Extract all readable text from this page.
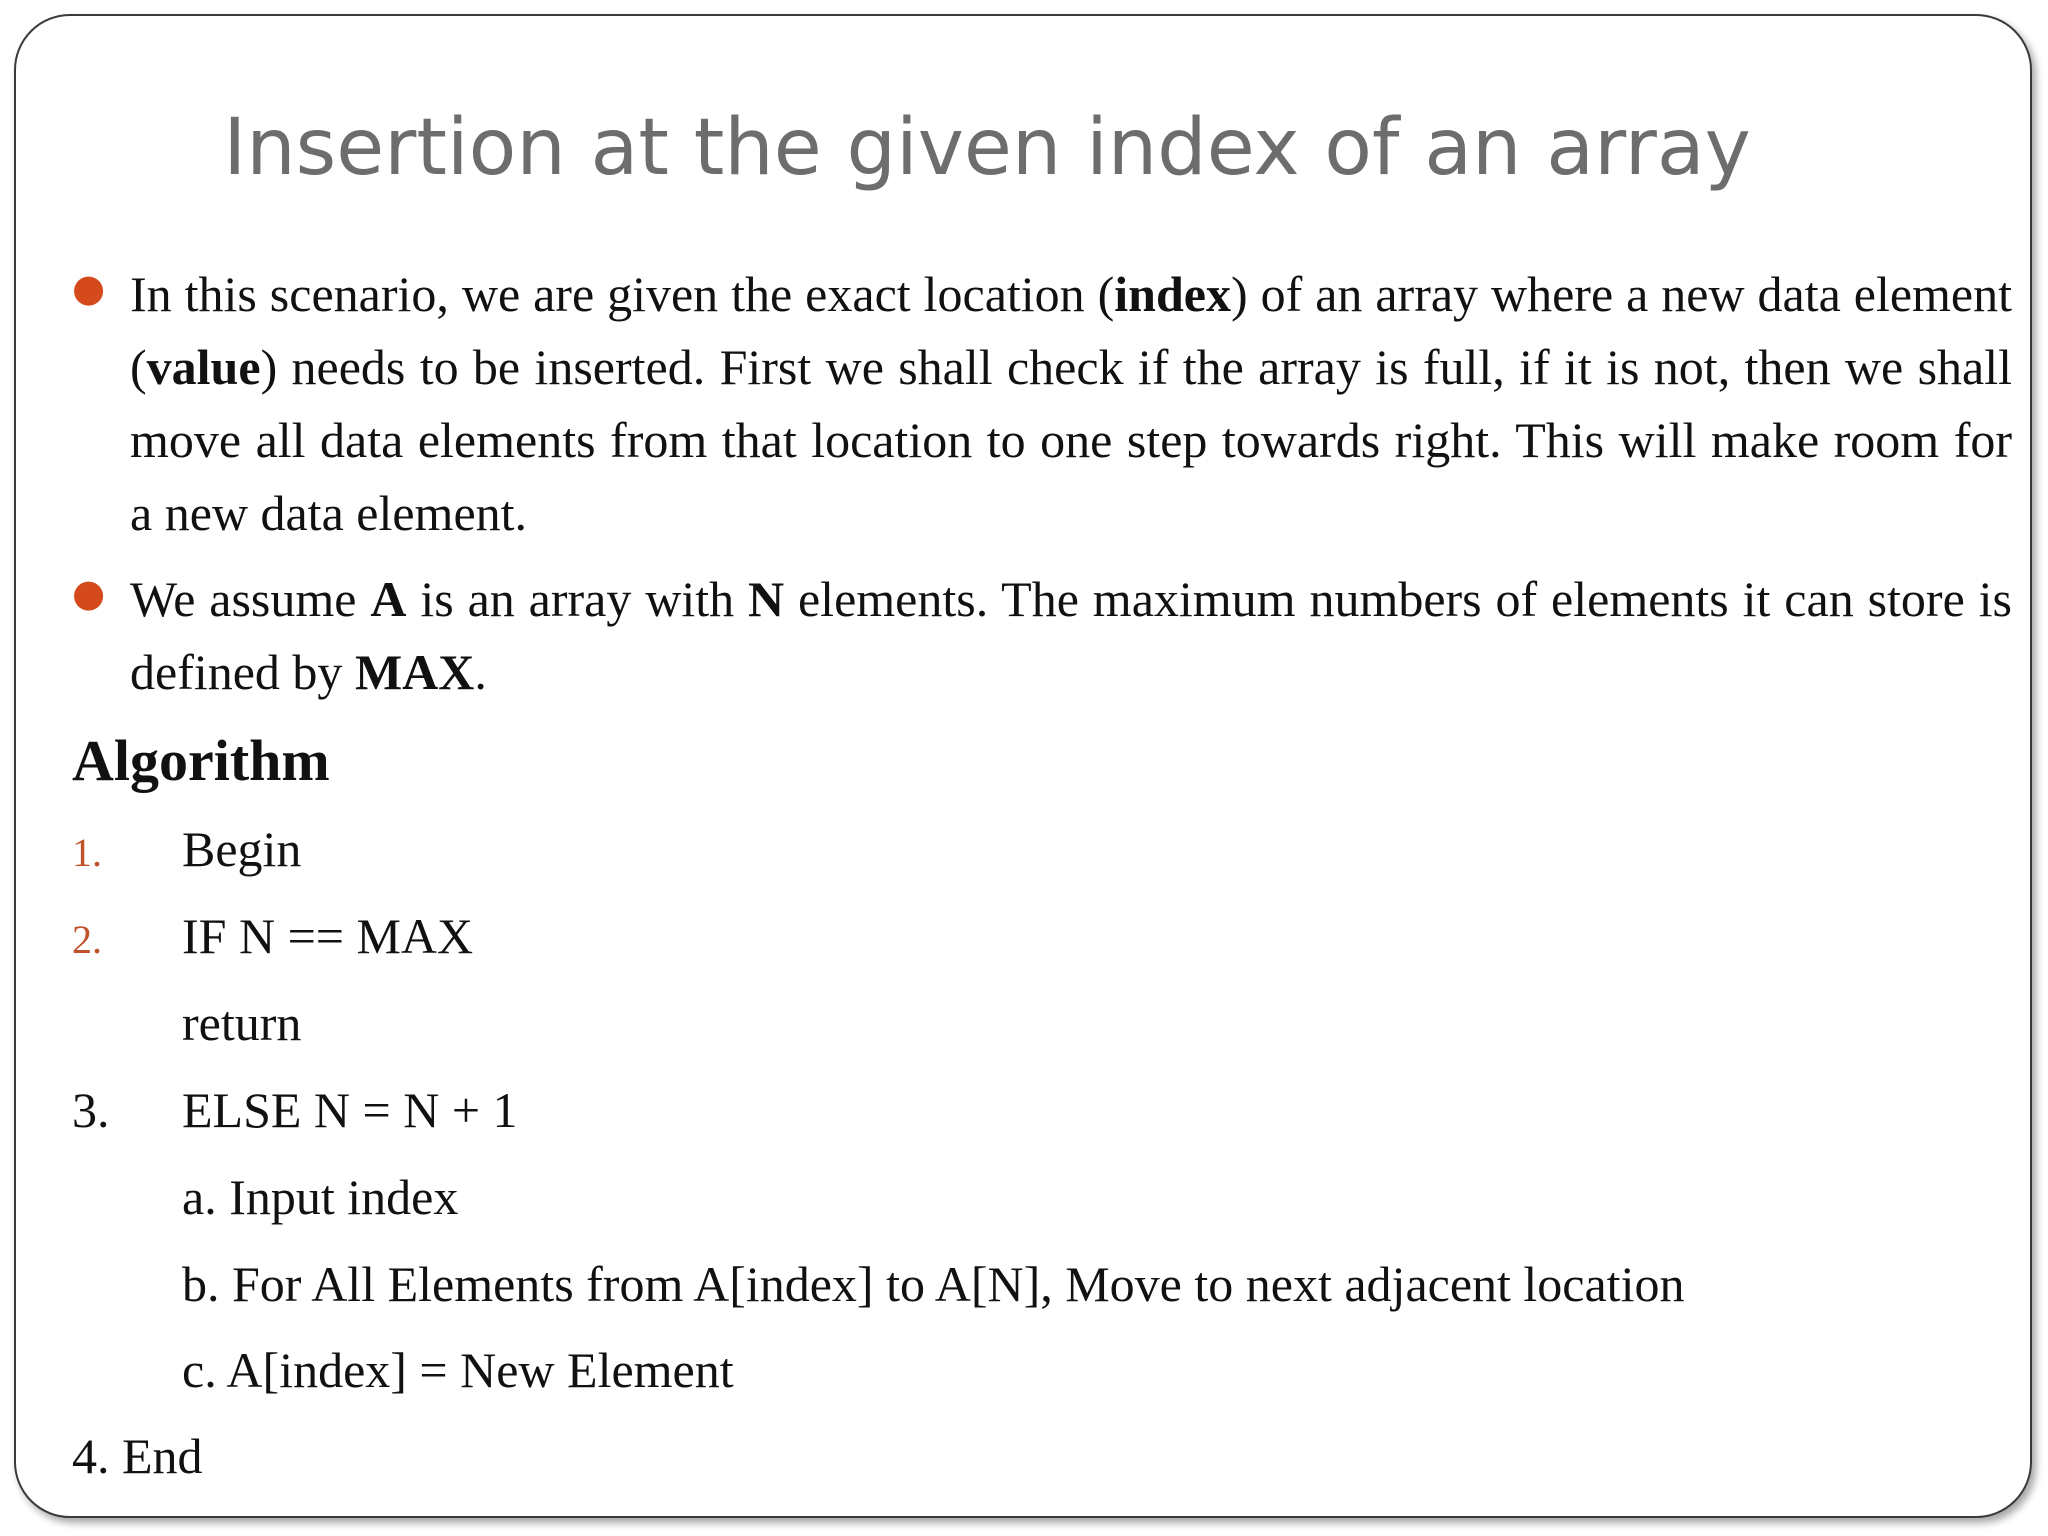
Insertion at the given index of an array
● In this scenario, we are given the exact location (index) of an array where a new data element (value) needs to be inserted. First we shall check if the array is full, if it is not, then we shall move all data elements from that location to one step towards right. This will make room for a new data element.
● We assume A is an array with N elements. The maximum numbers of elements it can store is defined by MAX.
Algorithm
1. Begin
2. IF N == MAX
return
3. ELSE N = N + 1
a. Input index
b. For All Elements from A[index] to A[N], Move to next adjacent location
c. A[index] = New Element
4. End
